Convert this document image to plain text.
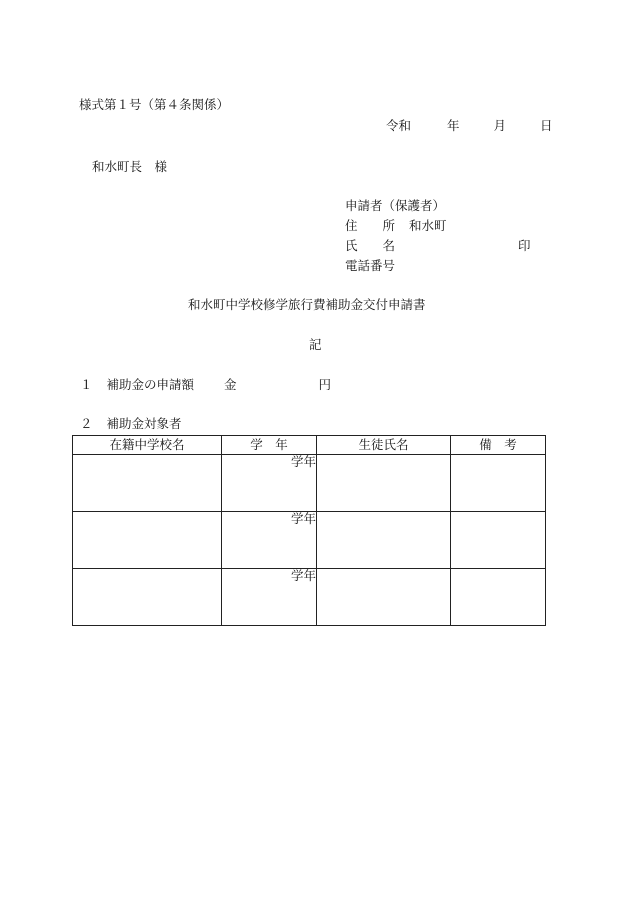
様式第１号（第４条関係）
令和	年	月	日
和水町長　様
申請者（保護者）
住　　所 和水町
氏　　名	印
電話番号
和水町中学校修学旅行費補助金交付申請書
記
１ 補助金の申請額 金	円
２ 補助金対象者
在籍中学校名	学　年	生徒氏名	備　考
	学年		
	学年		
	学年		
